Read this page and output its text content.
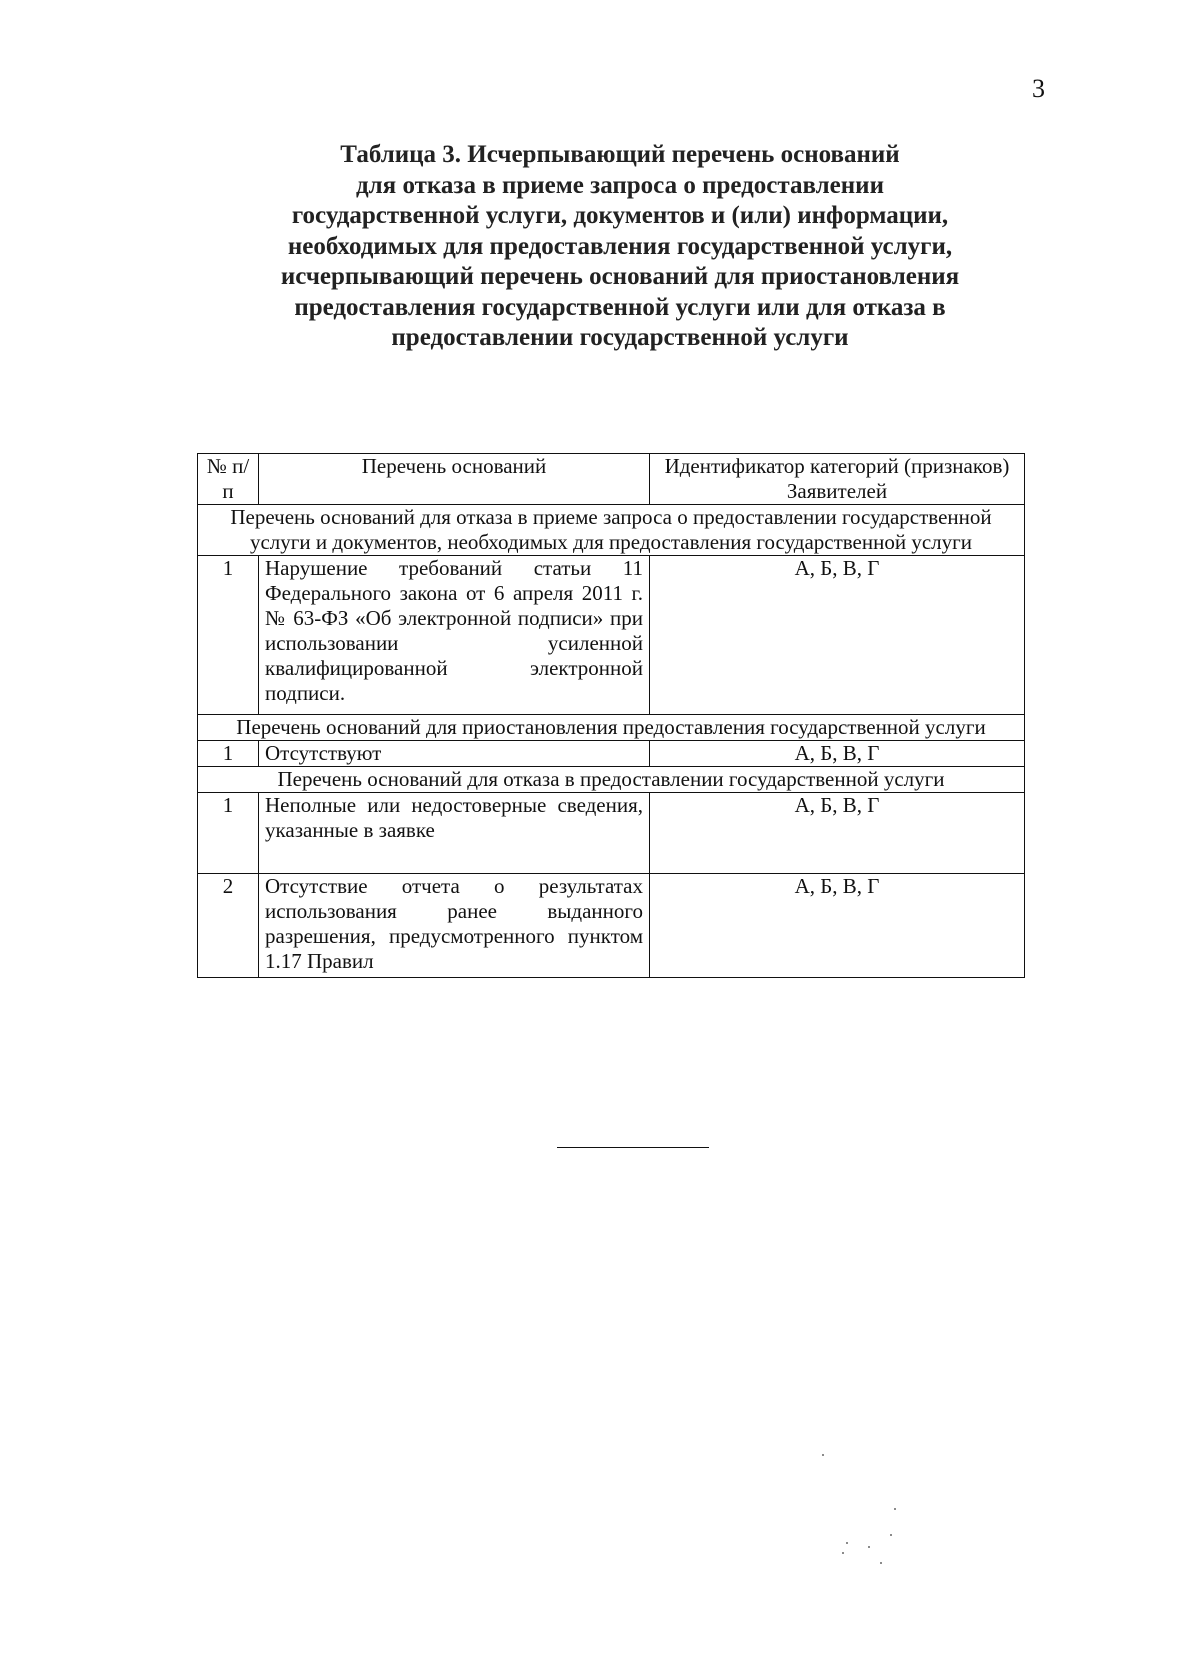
3
Таблица 3. Исчерпывающий перечень оснований
для отказа в приеме запроса о предоставлении
государственной услуги, документов и (или) информации,
необходимых для предоставления государственной услуги,
исчерпывающий перечень оснований для приостановления
предоставления государственной услуги или для отказа в
предоставлении государственной услуги
№ п/п	Перечень оснований	Идентификатор категорий (признаков) Заявителей
Перечень оснований для отказа в приеме запроса о предоставлении государственной услуги и документов, необходимых для предоставления государственной услуги		
1	Нарушение требований статьи 11 Федерального закона от 6 апреля 2011 г. № 63-ФЗ «Об электронной подписи» при использовании усиленной квалифицированной электронной подписи.	А, Б, В, Г
Перечень оснований для приостановления предоставления государственной услуги		
1	Отсутствуют	А, Б, В, Г
Перечень оснований для отказа в предоставлении государственной услуги		
1	Неполные или недостоверные сведения, указанные в заявке	А, Б, В, Г
2	Отсутствие отчета о результатах использования ранее выданного разрешения, предусмотренного пунктом 1.17 Правил	А, Б, В, Г
